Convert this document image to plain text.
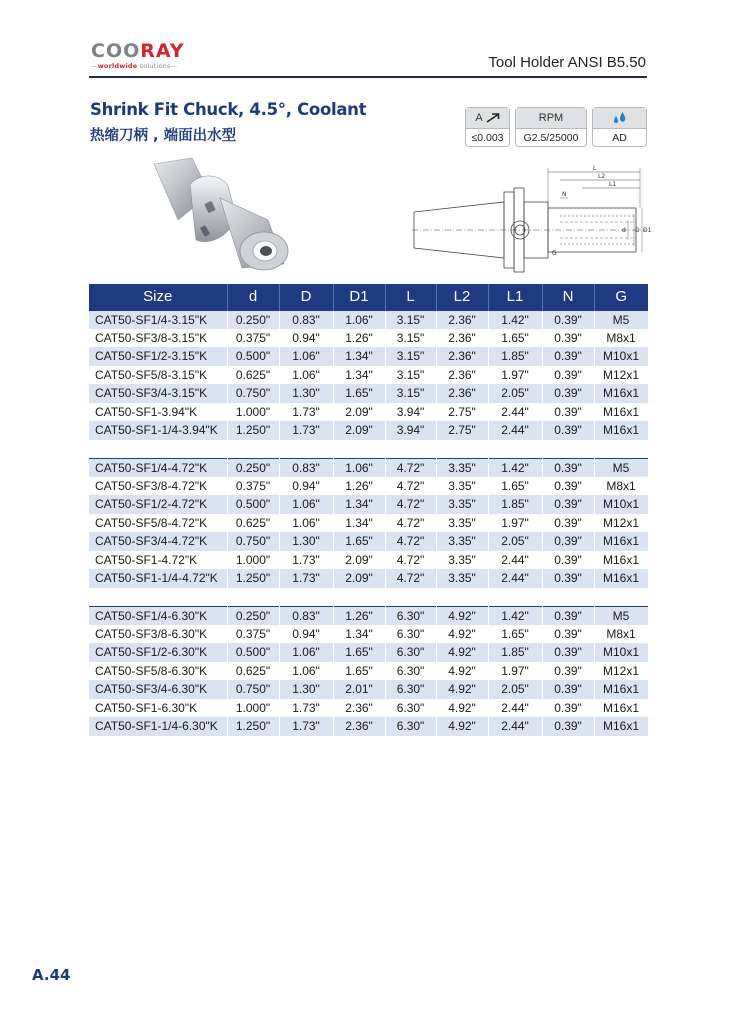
COORAY
—worldwide solutions—	Tool Holder ANSI B5.50
Shrink Fit Chuck, 4.5°, Coolant
热缩刀柄 , 端面出水型
A
≤0.003
RPM
G2.5/25000	AD
L
L2
L1
N
G
d D D1
Size	d	D	D1	L	L2	L1	N	G
CAT50-SF1/4-3.15"K	0.250"	0.83"	1.06"	3.15"	2.36"	1.42"	0.39"	M5
CAT50-SF3/8-3.15"K	0.375"	0.94"	1.26"	3.15"	2.36"	1.65"	0.39"	M8x1
CAT50-SF1/2-3.15"K	0.500"	1.06"	1.34"	3.15"	2.36"	1.85"	0.39"	M10x1
CAT50-SF5/8-3.15"K	0.625"	1.06"	1.34"	3.15"	2.36"	1.97"	0.39"	M12x1
CAT50-SF3/4-3.15"K	0.750"	1.30"	1.65"	3.15"	2.36"	2.05"	0.39"	M16x1
CAT50-SF1-3.94"K	1.000"	1.73"	2.09"	3.94"	2.75"	2.44"	0.39"	M16x1
CAT50-SF1-1/4-3.94"K	1.250"	1.73"	2.09"	3.94"	2.75"	2.44"	0.39"	M16x1

CAT50-SF1/4-4.72"K	0.250"	0.83"	1.06"	4.72"	3.35"	1.42"	0.39"	M5
CAT50-SF3/8-4.72"K	0.375"	0.94"	1.26"	4.72"	3.35"	1.65"	0.39"	M8x1
CAT50-SF1/2-4.72"K	0.500"	1.06"	1.34"	4.72"	3.35"	1.85"	0.39"	M10x1
CAT50-SF5/8-4.72"K	0.625"	1.06"	1.34"	4.72"	3.35"	1.97"	0.39"	M12x1
CAT50-SF3/4-4.72"K	0.750"	1.30"	1.65"	4.72"	3.35"	2.05"	0.39"	M16x1
CAT50-SF1-4.72"K	1.000"	1.73"	2.09"	4.72"	3.35"	2.44"	0.39"	M16x1
CAT50-SF1-1/4-4.72"K	1.250"	1.73"	2.09"	4.72"	3.35"	2.44"	0.39"	M16x1

CAT50-SF1/4-6.30"K	0.250"	0.83"	1.26"	6.30"	4.92"	1.42"	0.39"	M5
CAT50-SF3/8-6.30"K	0.375"	0.94"	1.34"	6.30"	4.92"	1.65"	0.39"	M8x1
CAT50-SF1/2-6.30"K	0.500"	1.06"	1.65"	6.30"	4.92"	1.85"	0.39"	M10x1
CAT50-SF5/8-6.30"K	0.625"	1.06"	1.65"	6.30"	4.92"	1.97"	0.39"	M12x1
CAT50-SF3/4-6.30"K	0.750"	1.30"	2.01"	6.30"	4.92"	2.05"	0.39"	M16x1
CAT50-SF1-6.30"K	1.000"	1.73"	2.36"	6.30"	4.92"	2.44"	0.39"	M16x1
CAT50-SF1-1/4-6.30"K	1.250"	1.73"	2.36"	6.30"	4.92"	2.44"	0.39"	M16x1
A.44
